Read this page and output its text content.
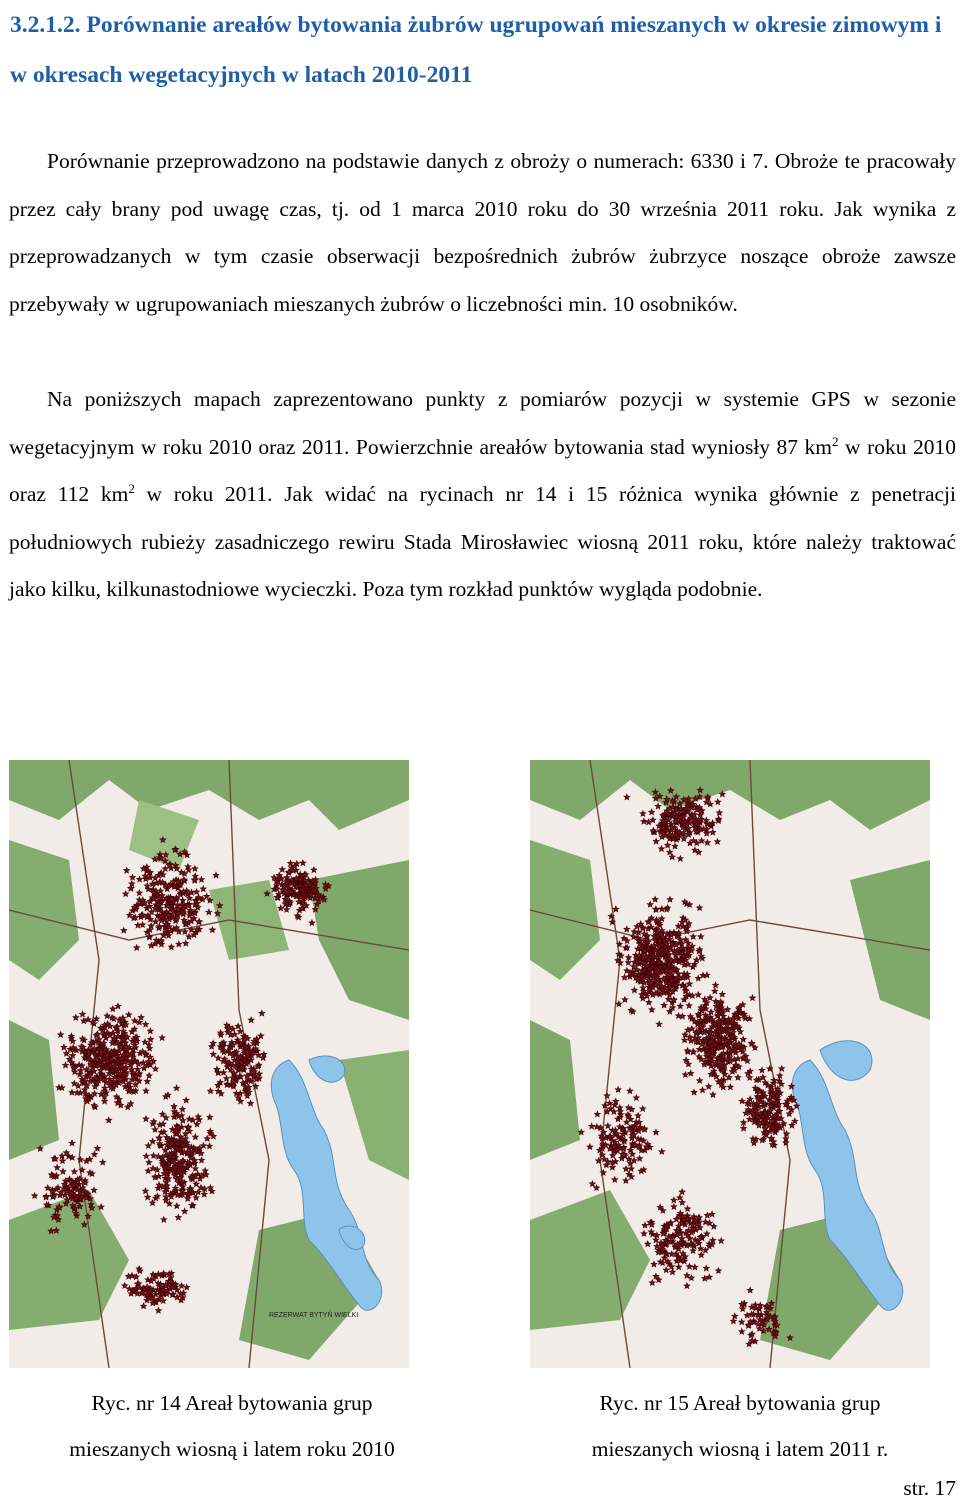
3.2.1.2. Porównanie areałów bytowania żubrów ugrupowań mieszanych w okresie zimowym i w okresach wegetacyjnych w latach 2010-2011
Porównanie przeprowadzono na podstawie danych z obroży o numerach: 6330 i 7. Obroże te pracowały przez cały brany pod uwagę czas, tj. od 1 marca 2010 roku do 30 września 2011 roku. Jak wynika z przeprowadzanych w tym czasie obserwacji bezpośrednich żubrów żubrzyce noszące obroże zawsze przebywały w ugrupowaniach mieszanych żubrów o liczebności min. 10 osobników.
Na poniższych mapach zaprezentowano punkty z pomiarów pozycji w systemie GPS w sezonie wegetacyjnym w roku 2010 oraz 2011. Powierzchnie areałów bytowania stad wyniosły 87 $km^2$ w roku 2010 oraz 112 $km^2$ w roku 2011. Jak widać na rycinach nr 14 i 15 różnica wynika głównie z penetracji południowych rubieży zasadniczego rewiru Stada Mirosławiec wiosną 2011 roku, które należy traktować jako kilku, kilkunastodniowe wycieczki. Poza tym rozkład punktów wygląda podobnie.
REZERWAT BYTYŃ WIELKI
Ryc. nr 14 Areał bytowania grup
mieszanych wiosną i latem roku 2010
Ryc. nr 15 Areał bytowania grup
mieszanych wiosną i latem 2011 r.
str. 17
